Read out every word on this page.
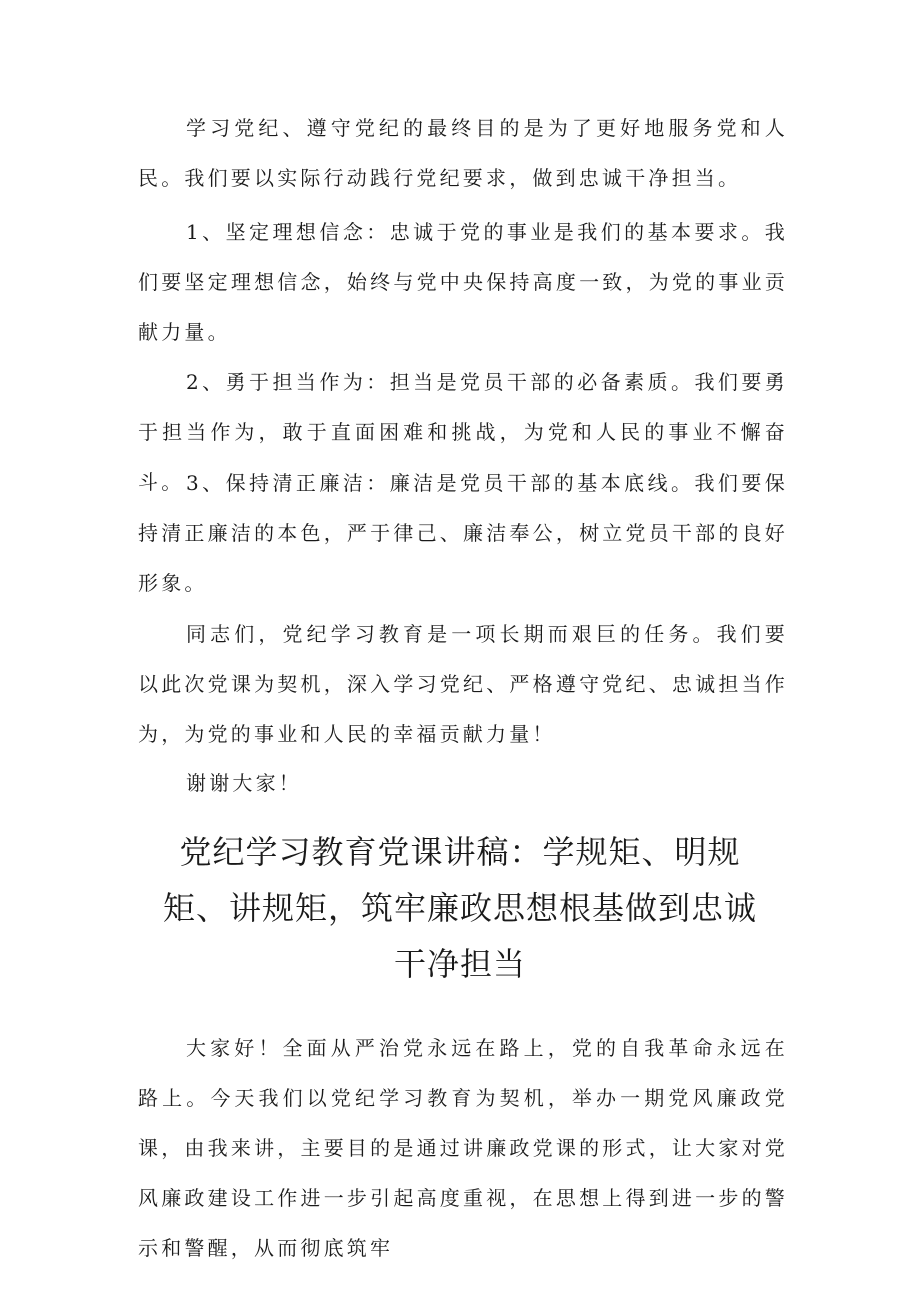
学习党纪、遵守党纪的最终目的是为了更好地服务党和人民。我们要以实际行动践行党纪要求，做到忠诚干净担当。

1、坚定理想信念：忠诚于党的事业是我们的基本要求。我们要坚定理想信念，始终与党中央保持高度一致，为党的事业贡献力量。

2、勇于担当作为：担当是党员干部的必备素质。我们要勇于担当作为，敢于直面困难和挑战，为党和人民的事业不懈奋斗。 3、保持清正廉洁：廉洁是党员干部的基本底线。我们要保持清正廉洁的本色，严于律己、廉洁奉公，树立党员干部的良好形象。

同志们，党纪学习教育是一项长期而艰巨的任务。我们要以此次党课为契机，深入学习党纪、严格遵守党纪、忠诚担当作为，为党的事业和人民的幸福贡献力量！

谢谢大家！

党纪学习教育党课讲稿：学规矩、明规矩、讲规矩，筑牢廉政思想根基做到忠诚干净担当

大家好！全面从严治党永远在路上，党的自我革命永远在路上。今天我们以党纪学习教育为契机，举办一期党风廉政党课，由我来讲，主要目的是通过讲廉政党课的形式，让大家对党风廉政建设工作进一步引起高度重视，在思想上得到进一步的警示和警醒，从而彻底筑牢
